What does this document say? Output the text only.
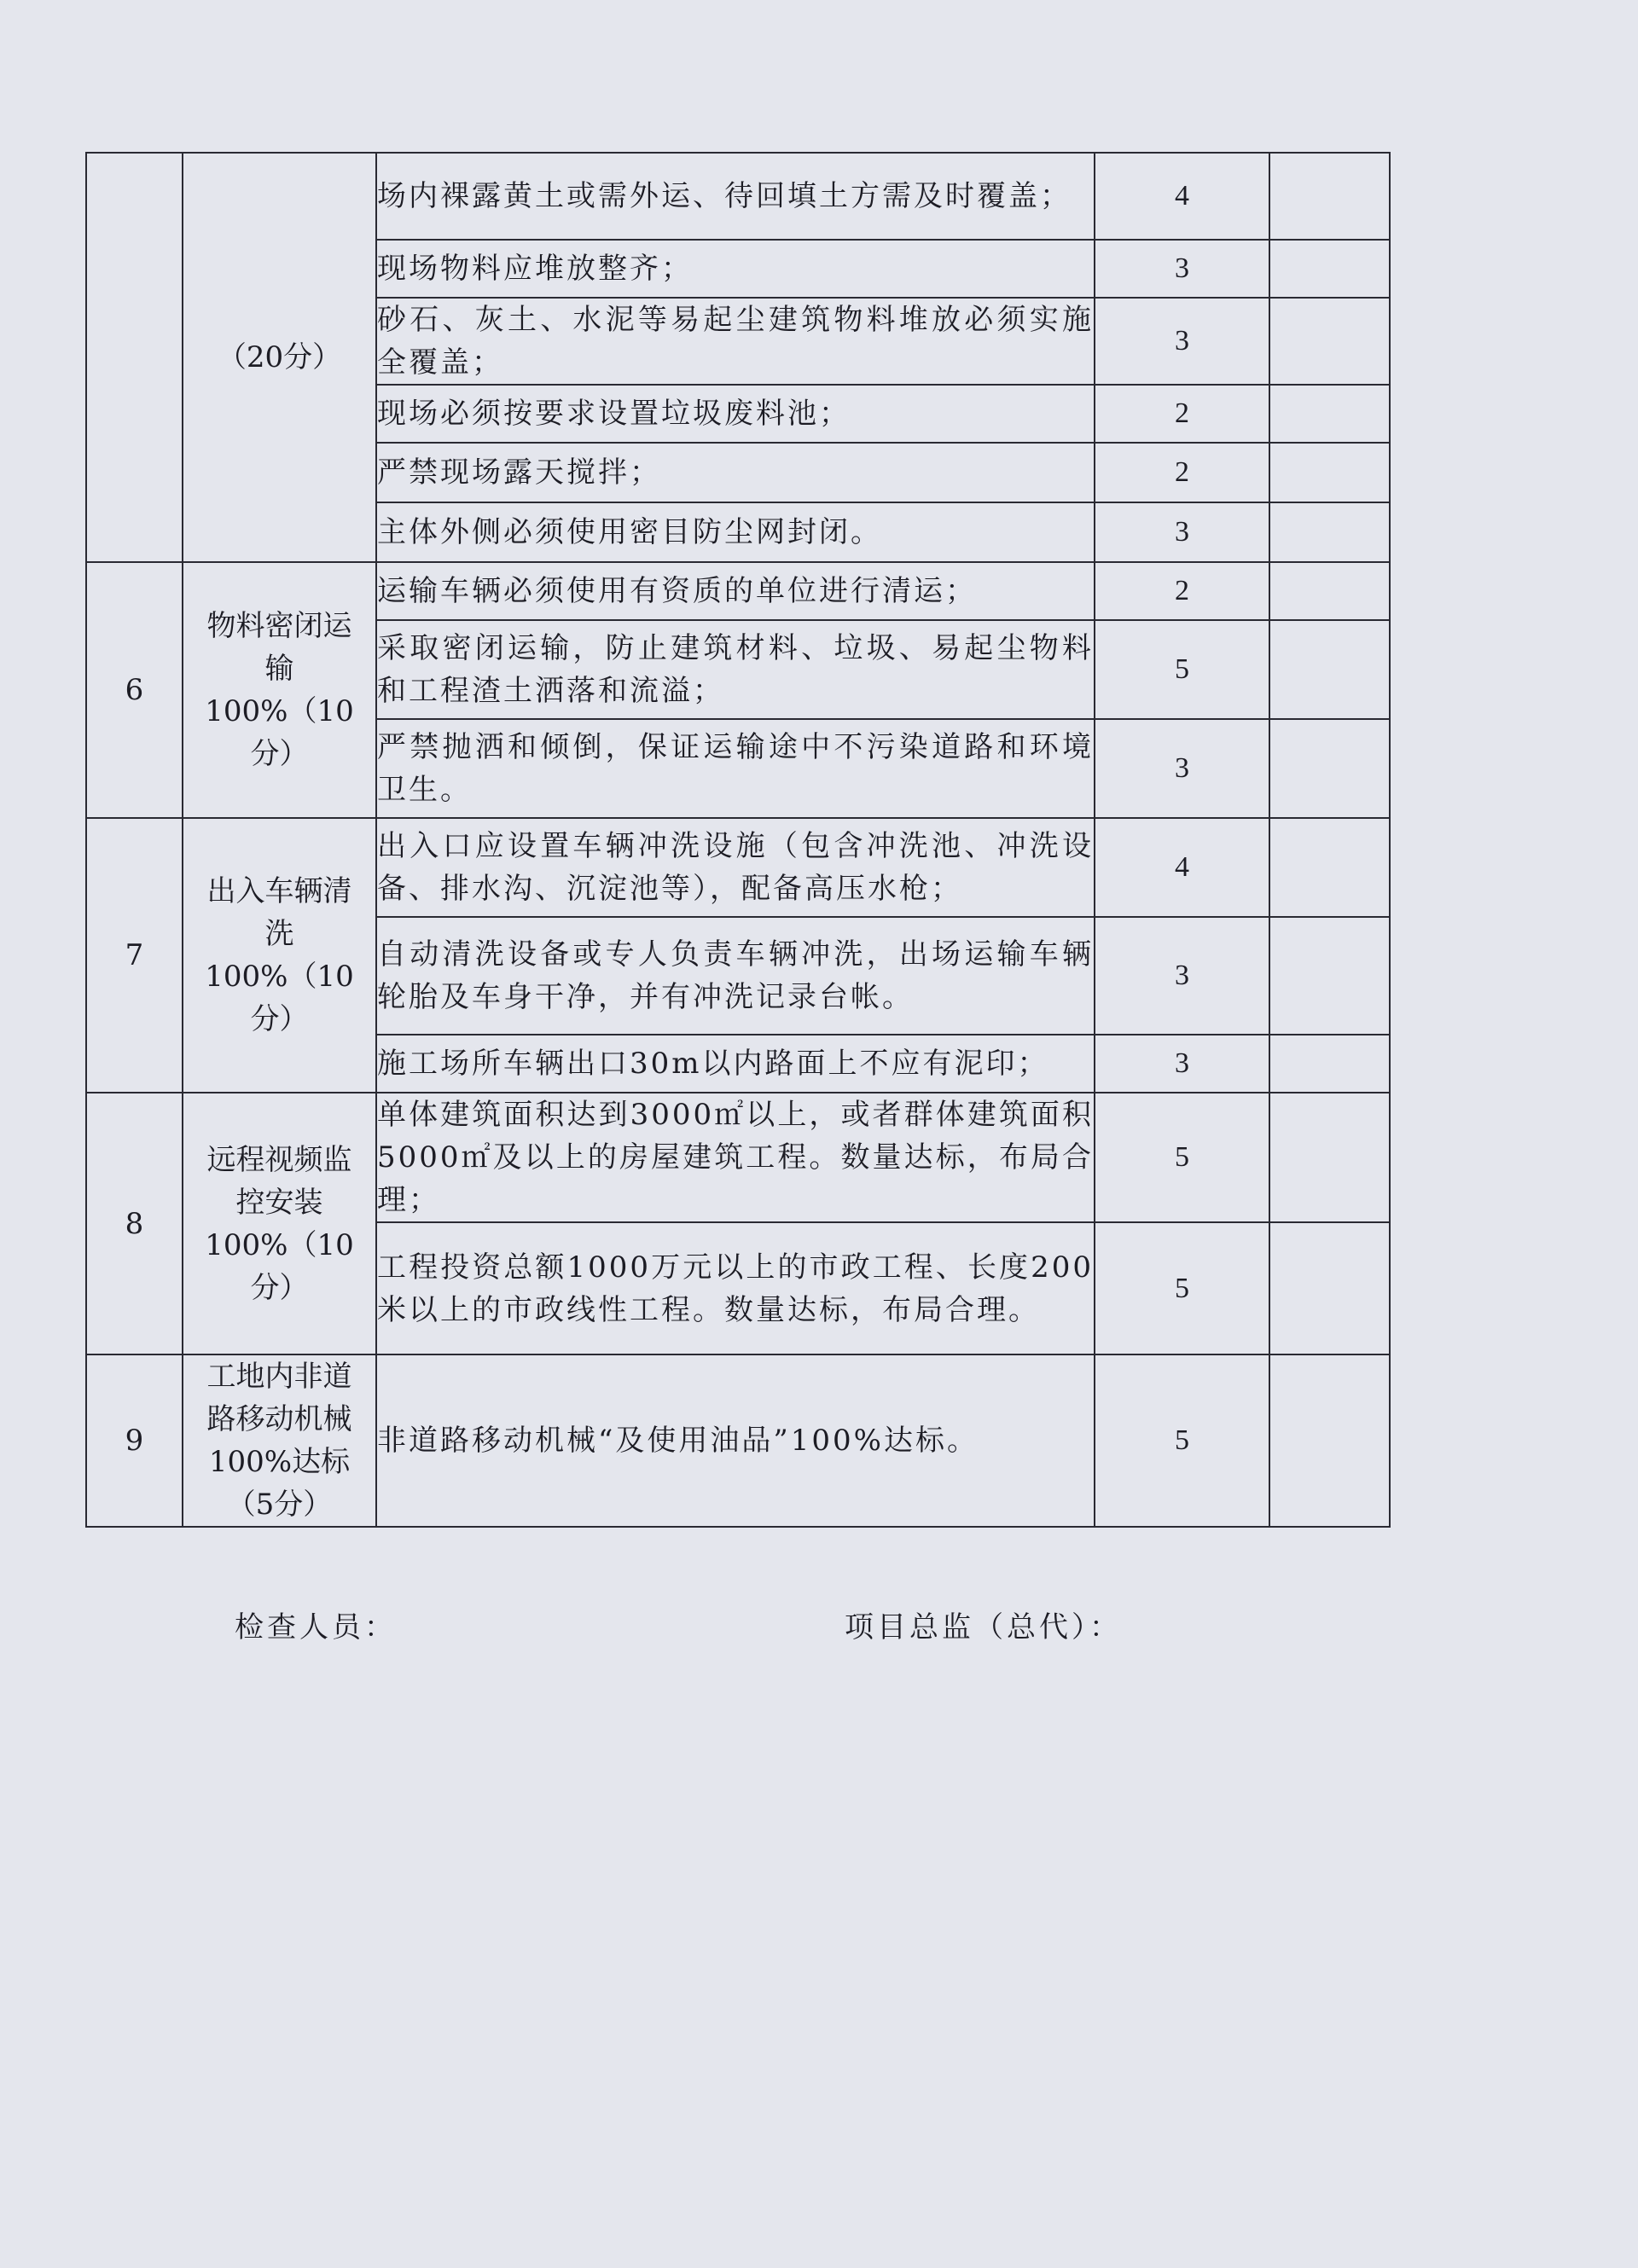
	（20分）	场内裸露黄土或需外运、待回填土方需及时覆盖；	4	
		现场物料应堆放整齐；	3	
		砂石、灰土、水泥等易起尘建筑物料堆放必须实施全覆盖；	3	
		现场必须按要求设置垃圾废料池；	2	
		严禁现场露天搅拌；	2	
		主体外侧必须使用密目防尘网封闭。	3	
6	物料密闭运输100%（10分）	运输车辆必须使用有资质的单位进行清运；	2	
		采取密闭运输，防止建筑材料、垃圾、易起尘物料和工程渣土洒落和流溢；	5	
		严禁抛洒和倾倒，保证运输途中不污染道路和环境卫生。	3	
7	出入车辆清洗100%（10分）	出入口应设置车辆冲洗设施（包含冲洗池、冲洗设备、排水沟、沉淀池等），配备高压水枪；	4	
		自动清洗设备或专人负责车辆冲洗，出场运输车辆轮胎及车身干净，并有冲洗记录台帐。	3	
		施工场所车辆出口30m以内路面上不应有泥印；	3	
8	远程视频监控安装100%（10分）	单体建筑面积达到3000㎡以上，或者群体建筑面积5000㎡及以上的房屋建筑工程。数量达标，布局合理；	5	
		工程投资总额1000万元以上的市政工程、长度200米以上的市政线性工程。数量达标，布局合理。	5	
9	工地内非道路移动机械100%达标（5分）	非道路移动机械“及使用油品”100%达标。	5	
检查人员：	项目总监（总代）：
